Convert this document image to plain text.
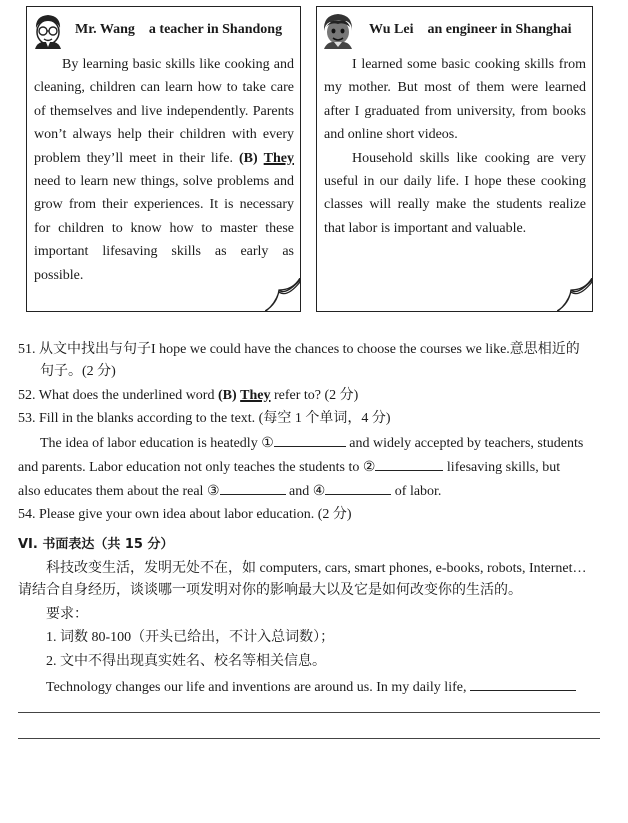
Mr. Wang a teacher in Shandong

By learning basic skills like cooking and cleaning, children can learn how to take care of themselves and live independently. Parents won’t always help their children with every problem they’ll meet in their life. (B) They need to learn new things, solve problems and grow from their experiences. It is necessary for children to know how to master these important lifesaving skills as early as possible.

Wu Lei an engineer in Shanghai

I learned some basic cooking skills from my mother. But most of them were learned after I graduated from university, from books and online short videos.

Household skills like cooking are very useful in our daily life. I hope these cooking classes will really make the students realize that labor is important and valuable.

51. 从文中找出与句子I hope we could have the chances to choose the courses we like.意思相近的
句子。(2 分)
52. What does the underlined word (B) They refer to? (2 分)
53. Fill in the blanks according to the text. (每空 1 个单词，4 分)
The idea of labor education is heatedly ①	and widely accepted by teachers, students
and parents. Labor education not only teaches the students to ②	lifesaving skills, but
also educates them about the real ③	and ④	of labor.
54. Please give your own idea about labor education. (2 分)
VI. 书面表达（共 15 分）
科技改变生活，发明无处不在，如 computers, cars, smart phones, e-books, robots, Internet…
请结合自身经历，谈谈哪一项发明对你的影响最大以及它是如何改变你的生活的。
要求：
1. 词数 80-100（开头已给出，不计入总词数）；
2. 文中不得出现真实姓名、校名等相关信息。
Technology changes our life and inventions are around us. In my daily life,
